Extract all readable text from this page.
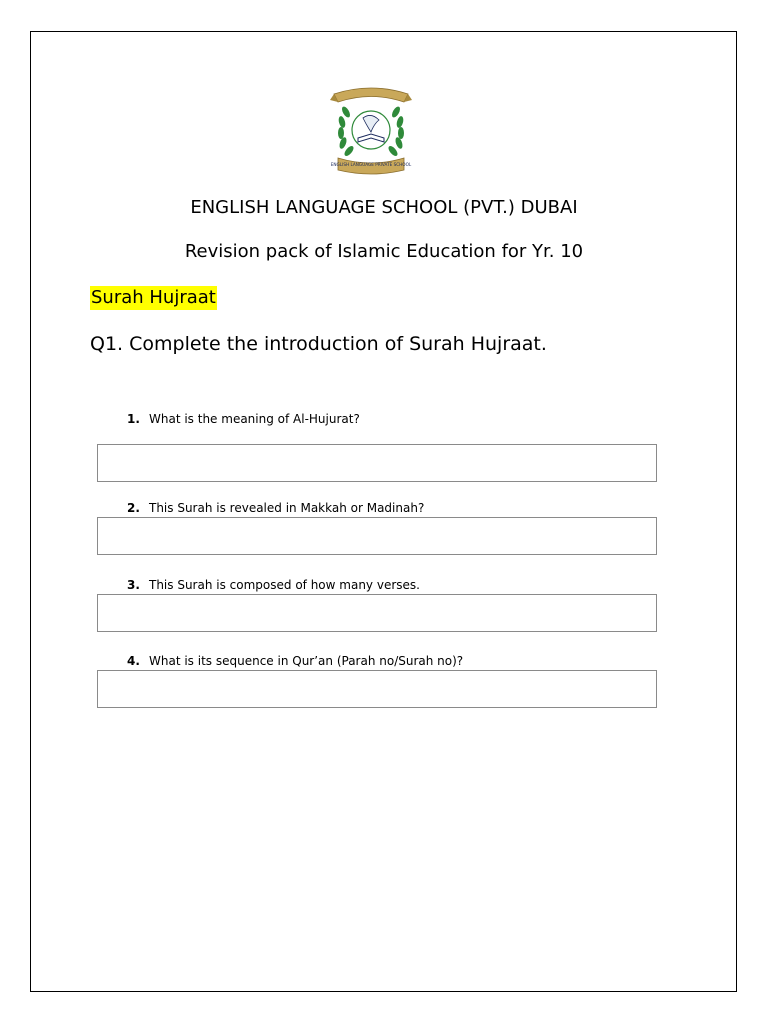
ENGLISH LANGUAGE PRIVATE SCHOOL
ENGLISH LANGUAGE SCHOOL (PVT.) DUBAI
Revision pack of Islamic Education for Yr. 10
Surah Hujraat
Q1. Complete the introduction of Surah Hujraat.
1. What is the meaning of Al-Hujurat?
2. This Surah is revealed in Makkah or Madinah?
3. This Surah is composed of how many verses.
4. What is its sequence in Qur’an (Parah no/Surah no)?
